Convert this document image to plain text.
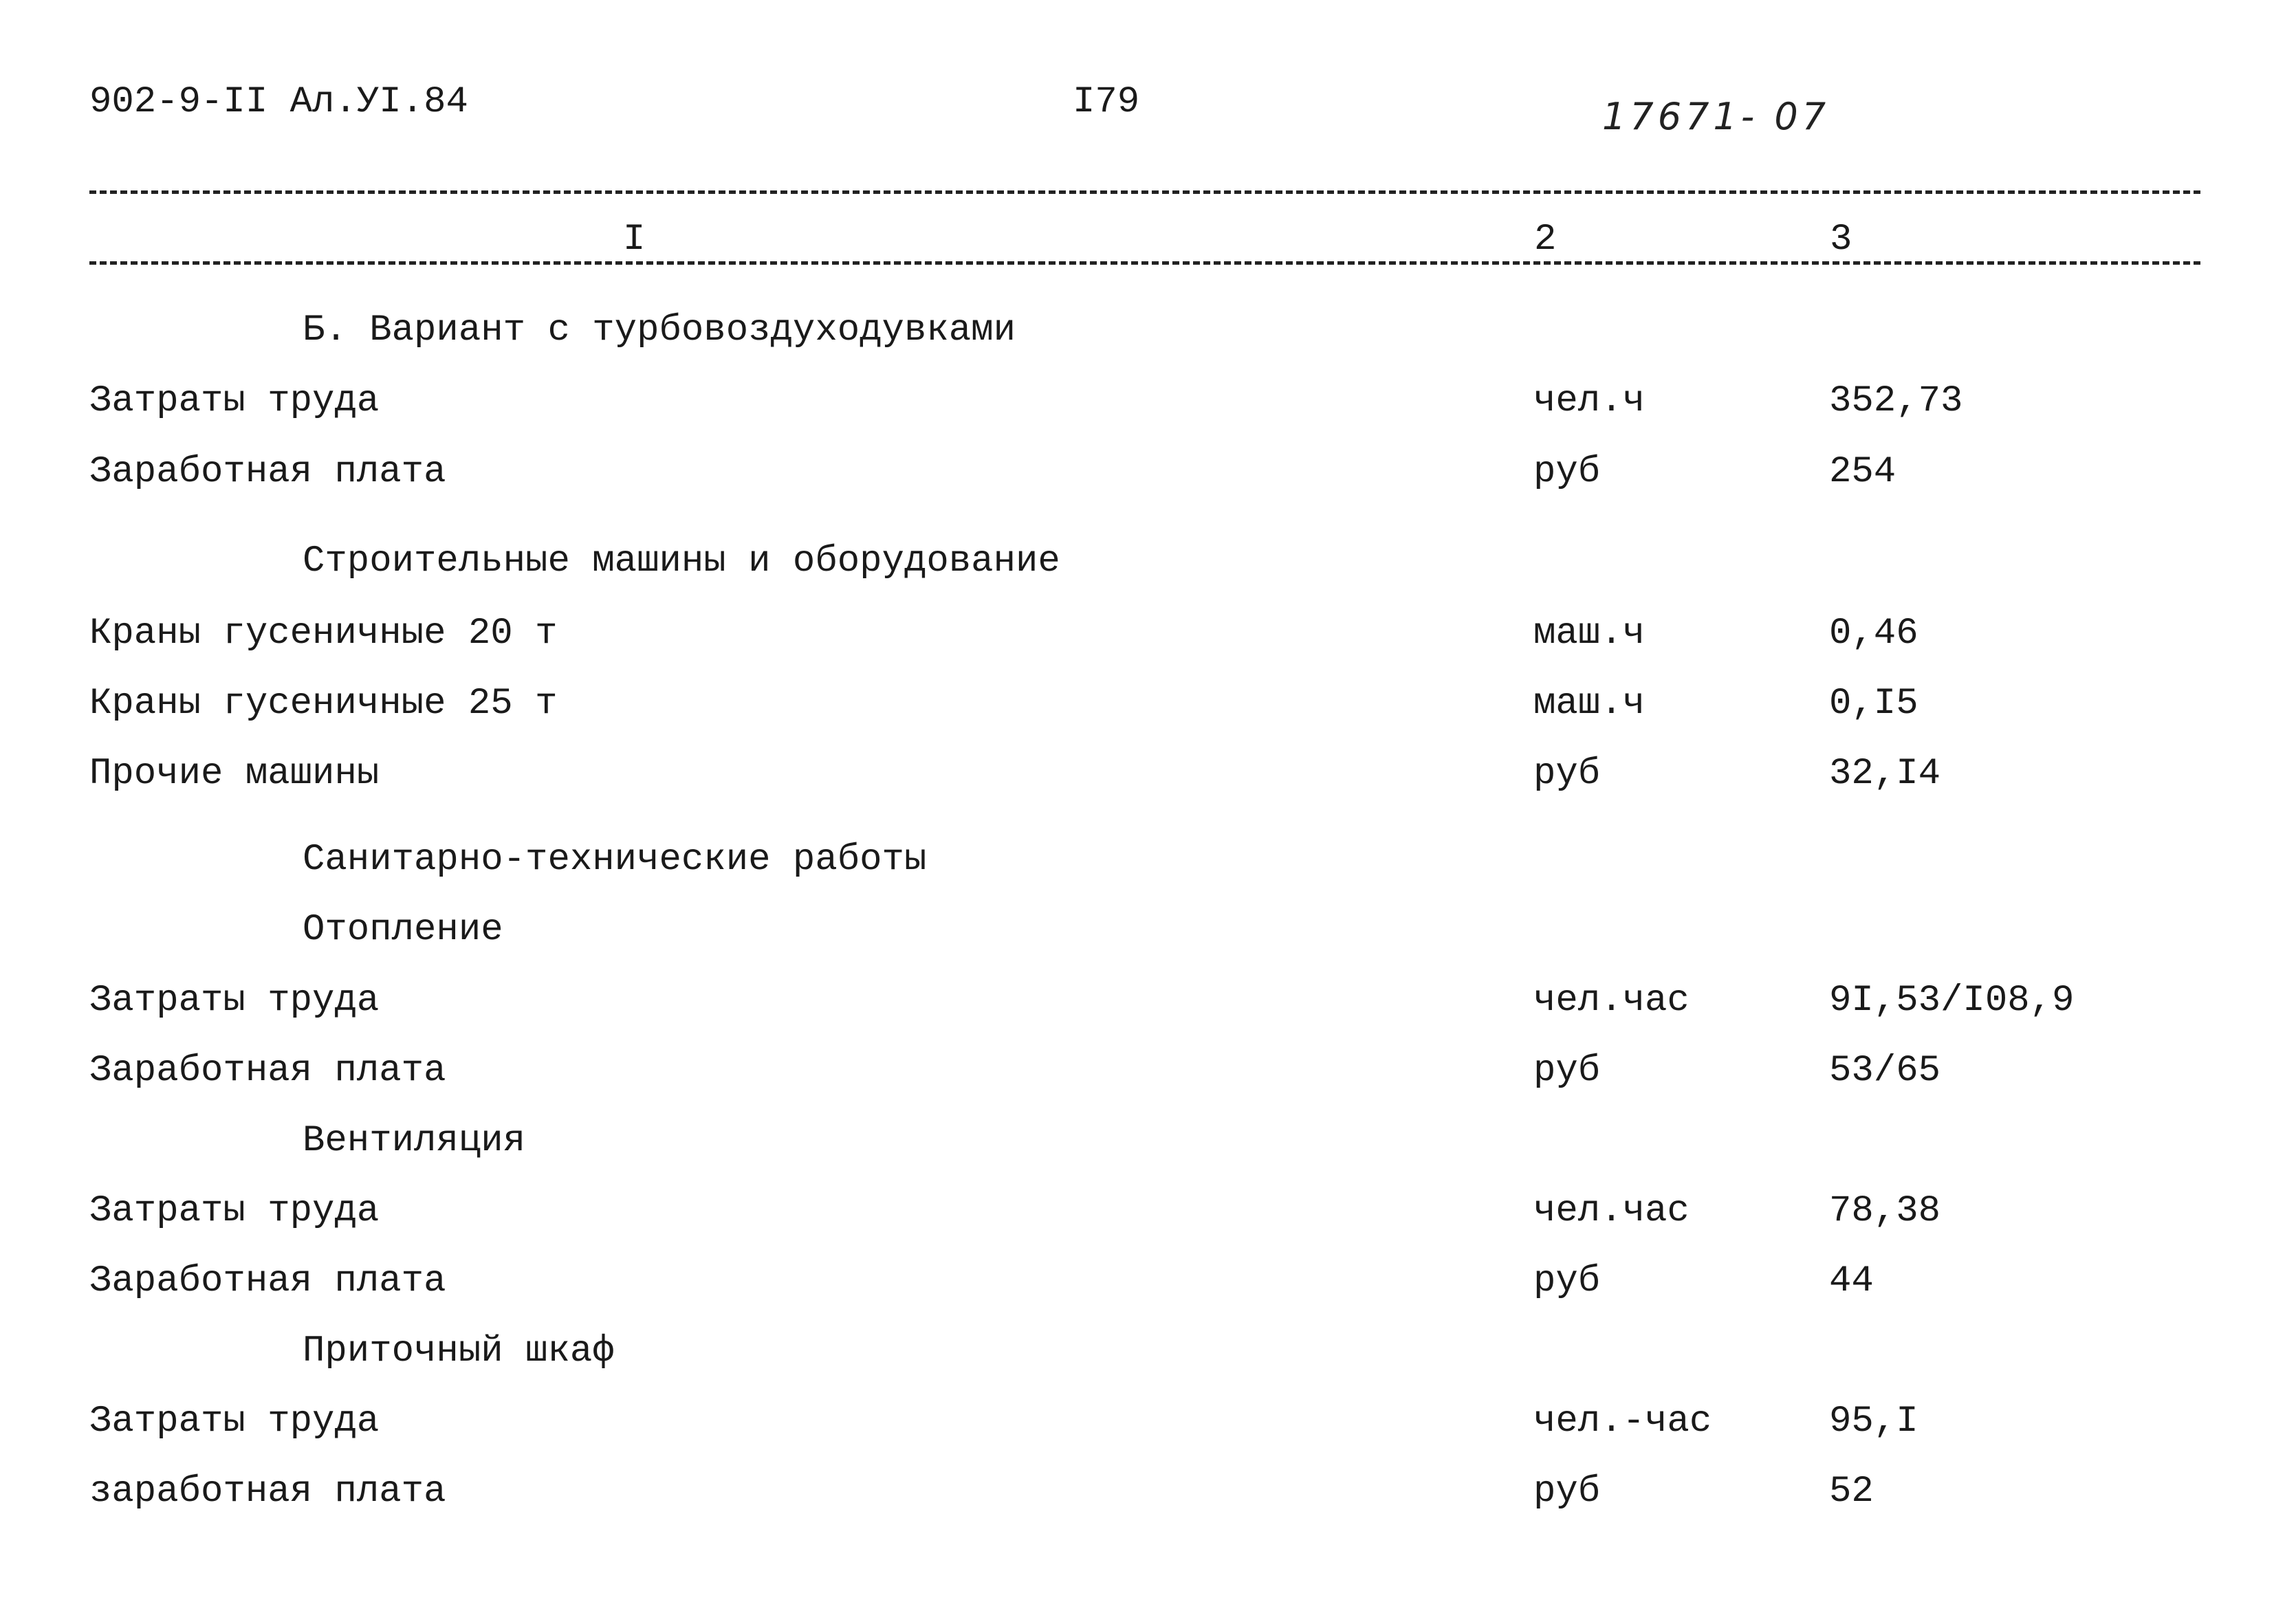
902-9-II Ал.УI.84	I79	17671- 07
I	2	3
Б. Вариант с турбовоздуходувками
Затраты труда	чел.ч	352,73
Заработная плата	руб	254
Строительные машины и оборудование
Краны гусеничные 20 т	маш.ч	0,46
Краны гусеничные 25 т	маш.ч	0,I5
Прочие машины	руб	32,I4
Санитарно-технические работы
Отопление
Затраты труда	чел.час	9I,53/I08,9
Заработная плата	руб	53/65
Вентиляция
Затраты труда	чел.час	78,38
Заработная плата	руб	44
Приточный шкаф
Затраты труда	чел.-час	95,I
заработная плата	руб	52
